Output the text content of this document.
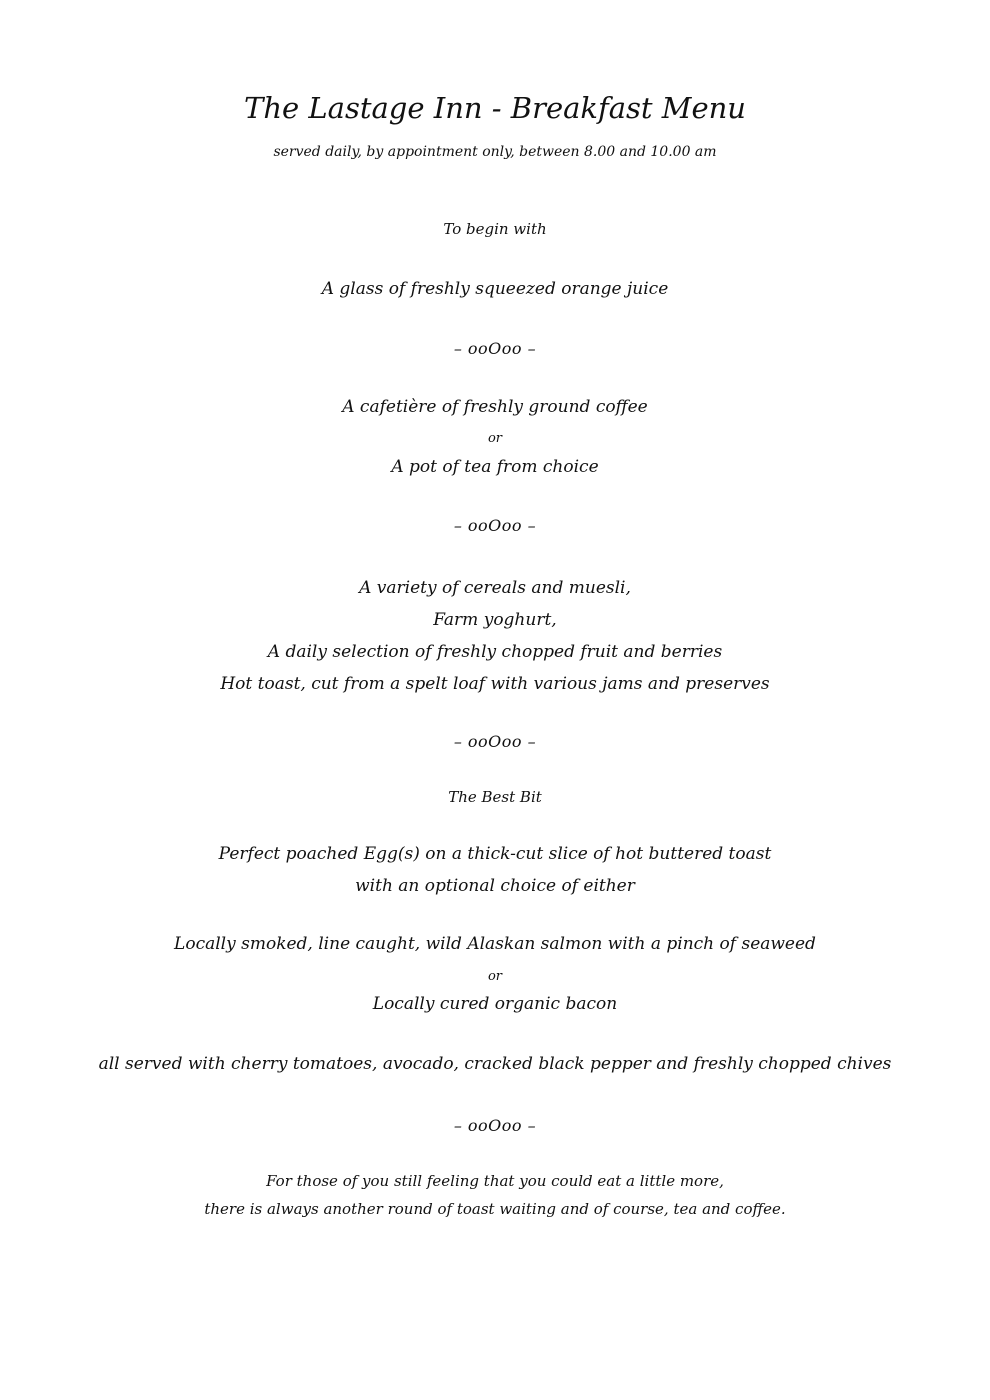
The Lastage Inn - Breakfast Menu
served daily, by appointment only, between 8.00 and 10.00 am
To begin with
A glass of freshly squeezed orange juice
– ooOoo –
A cafetière of freshly ground coffee
or
A pot of tea from choice
– ooOoo –
A variety of cereals and muesli,
Farm yoghurt,
A daily selection of freshly chopped fruit and berries
Hot toast, cut from a spelt loaf with various jams and preserves
– ooOoo –
The Best Bit
Perfect poached Egg(s) on a thick-cut slice of hot buttered toast
with an optional choice of either
Locally smoked, line caught, wild Alaskan salmon with a pinch of seaweed
or
Locally cured organic bacon
all served with cherry tomatoes, avocado, cracked black pepper and freshly chopped chives
– ooOoo –
For those of you still feeling that you could eat a little more,
there is always another round of toast waiting and of course, tea and coffee.
